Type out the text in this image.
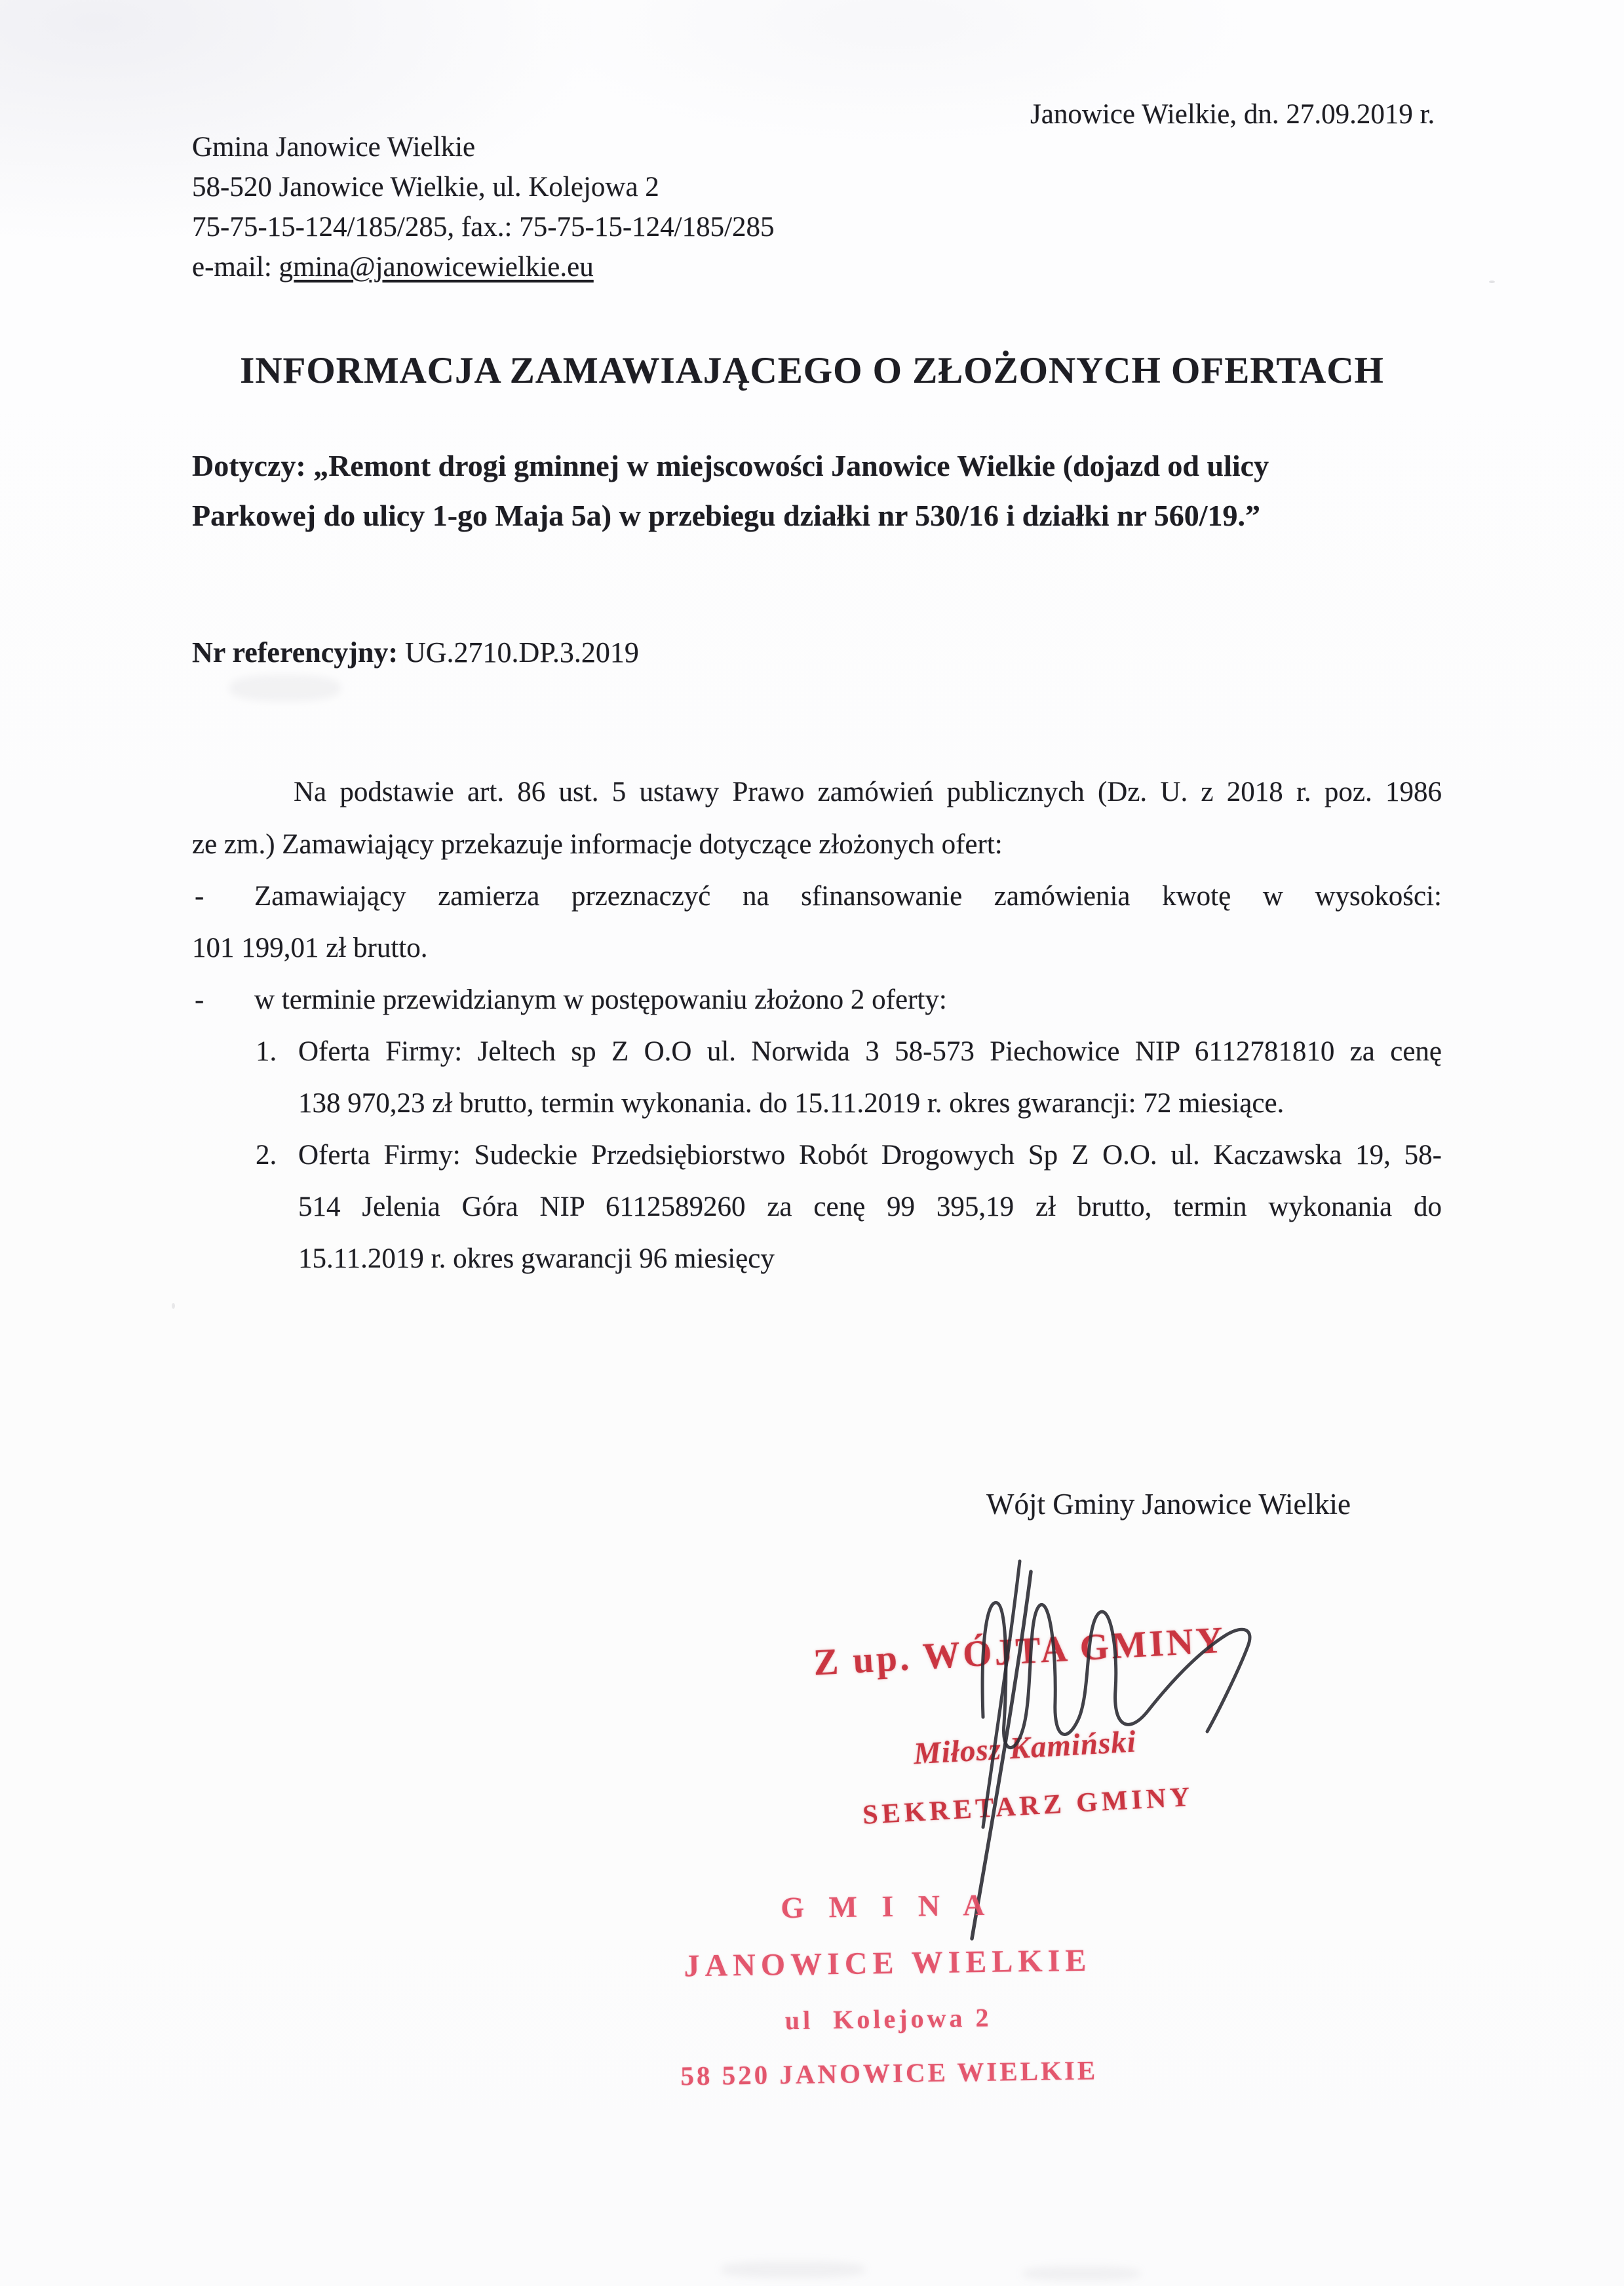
Janowice Wielkie, dn. 27.09.2019 r.
Gmina Janowice Wielkie
58-520 Janowice Wielkie, ul. Kolejowa 2
75-75-15-124/185/285, fax.: 75-75-15-124/185/285
e-mail: gmina@janowicewielkie.eu
INFORMACJA ZAMAWIAJĄCEGO O ZŁOŻONYCH OFERTACH
Dotyczy: „Remont drogi gminnej w miejscowości Janowice Wielkie (dojazd od ulicy
Parkowej do ulicy 1-go Maja 5a) w przebiegu działki nr 530/16 i działki nr 560/19.”
Nr referencyjny: UG.2710.DP.3.2019
Na podstawie art. 86 ust. 5 ustawy Prawo zamówień publicznych (Dz. U. z 2018 r. poz. 1986
ze zm.) Zamawiający przekazuje informacje dotyczące złożonych ofert:
-	Zamawiający zamierza przeznaczyć na sfinansowanie zamówienia kwotę w wysokości:
101 199,01 zł brutto.
-	w terminie przewidzianym w postępowaniu złożono 2 oferty:
1. Oferta Firmy: Jeltech sp Z O.O ul. Norwida 3 58-573 Piechowice NIP 6112781810 za cenę
138 970,23 zł brutto, termin wykonania. do 15.11.2019 r. okres gwarancji: 72 miesiące.
2. Oferta Firmy: Sudeckie Przedsiębiorstwo Robót Drogowych Sp Z O.O. ul. Kaczawska 19, 58-
514 Jelenia Góra NIP 6112589260 za cenę 99 395,19 zł brutto, termin wykonania do
15.11.2019 r. okres gwarancji 96 miesięcy
Wójt Gminy Janowice Wielkie

Z up. WÓJTA GMINY

Miłosz Kamiński

SEKRETARZ GMINY

G M I N A

JANOWICE WIELKIE

ul  Kolejowa 2

58 520 JANOWICE WIELKIE
